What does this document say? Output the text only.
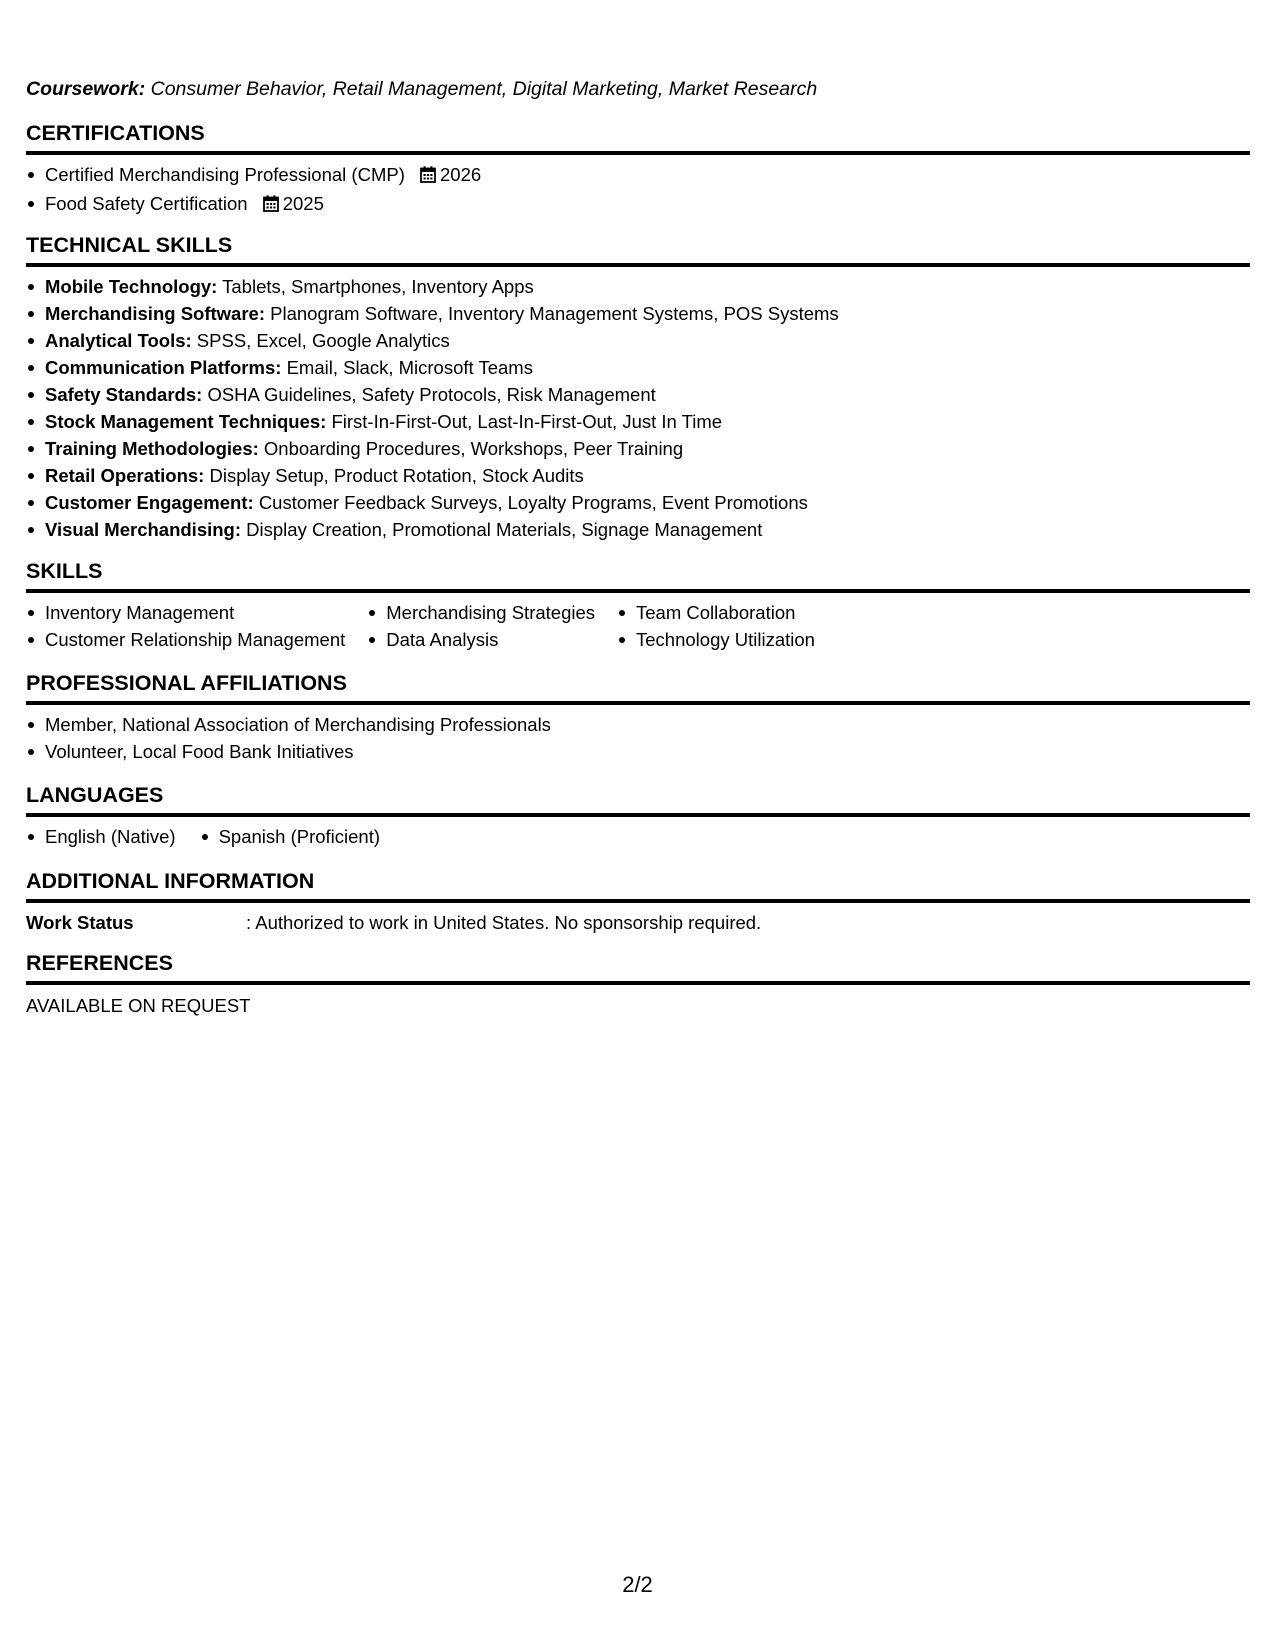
Coursework: Consumer Behavior, Retail Management, Digital Marketing, Market Research
CERTIFICATIONS
Certified Merchandising Professional (CMP) 2026
Food Safety Certification 2025
TECHNICAL SKILLS
Mobile Technology: Tablets, Smartphones, Inventory Apps
Merchandising Software: Planogram Software, Inventory Management Systems, POS Systems
Analytical Tools: SPSS, Excel, Google Analytics
Communication Platforms: Email, Slack, Microsoft Teams
Safety Standards: OSHA Guidelines, Safety Protocols, Risk Management
Stock Management Techniques: First-In-First-Out, Last-In-First-Out, Just In Time
Training Methodologies: Onboarding Procedures, Workshops, Peer Training
Retail Operations: Display Setup, Product Rotation, Stock Audits
Customer Engagement: Customer Feedback Surveys, Loyalty Programs, Event Promotions
Visual Merchandising: Display Creation, Promotional Materials, Signage Management
SKILLS
Inventory Management
Customer Relationship Management
Merchandising Strategies
Data Analysis
Team Collaboration
Technology Utilization
PROFESSIONAL AFFILIATIONS
Member, National Association of Merchandising Professionals
Volunteer, Local Food Bank Initiatives
LANGUAGES
English (Native)	Spanish (Proficient)
ADDITIONAL INFORMATION
Work Status	: Authorized to work in United States. No sponsorship required.
REFERENCES
AVAILABLE ON REQUEST
2/2
